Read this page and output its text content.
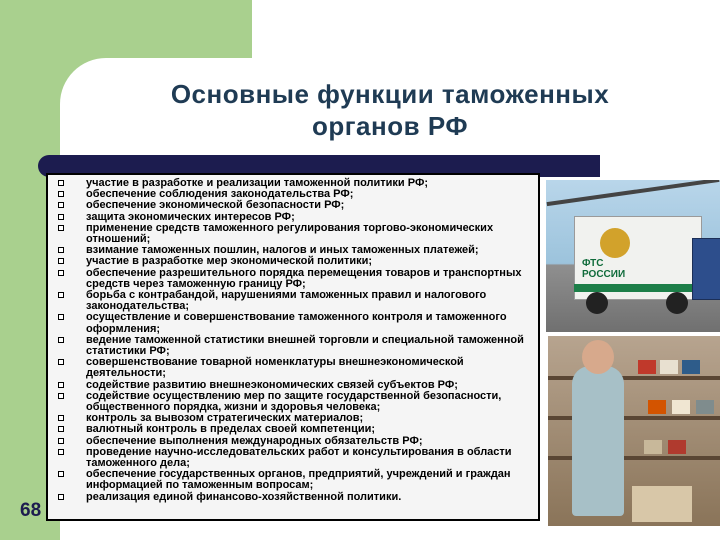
Основные функции таможенных
органов РФ
участие в разработке и реализации таможенной политики РФ;
обеспечение соблюдения законодательства РФ;
обеспечение экономической безопасности РФ;
защита экономических интересов РФ;
применение средств таможенного регулирования торгово-экономических отношений;
взимание таможенных пошлин, налогов и иных таможенных платежей;
участие в разработке мер экономической политики;
обеспечение разрешительного порядка перемещения товаров и транспортных средств через таможенную границу РФ;
борьба с контрабандой, нарушениями таможенных правил и налогового законодательства;
осуществление и совершенствование таможенного контроля и таможенного оформления;
ведение таможенной статистики внешней торговли и специальной таможенной статистики РФ;
совершенствование товарной номенклатуры внешнеэкономической деятельности;
содействие развитию внешнеэкономических связей субъектов РФ;
содействие осуществлению мер по защите государственной безопасности, общественного порядка, жизни и здоровья человека;
контроль за вывозом стратегических материалов;
валютный контроль в пределах своей компетенции;
обеспечение выполнения международных обязательств РФ;
проведение научно-исследовательских работ и консультирования в области таможенного дела;
обеспечение государственных органов, предприятий, учреждений и граждан информацией по таможенным вопросам;
реализация единой финансово-хозяйственной политики.
ФТС
РОССИИ
68
